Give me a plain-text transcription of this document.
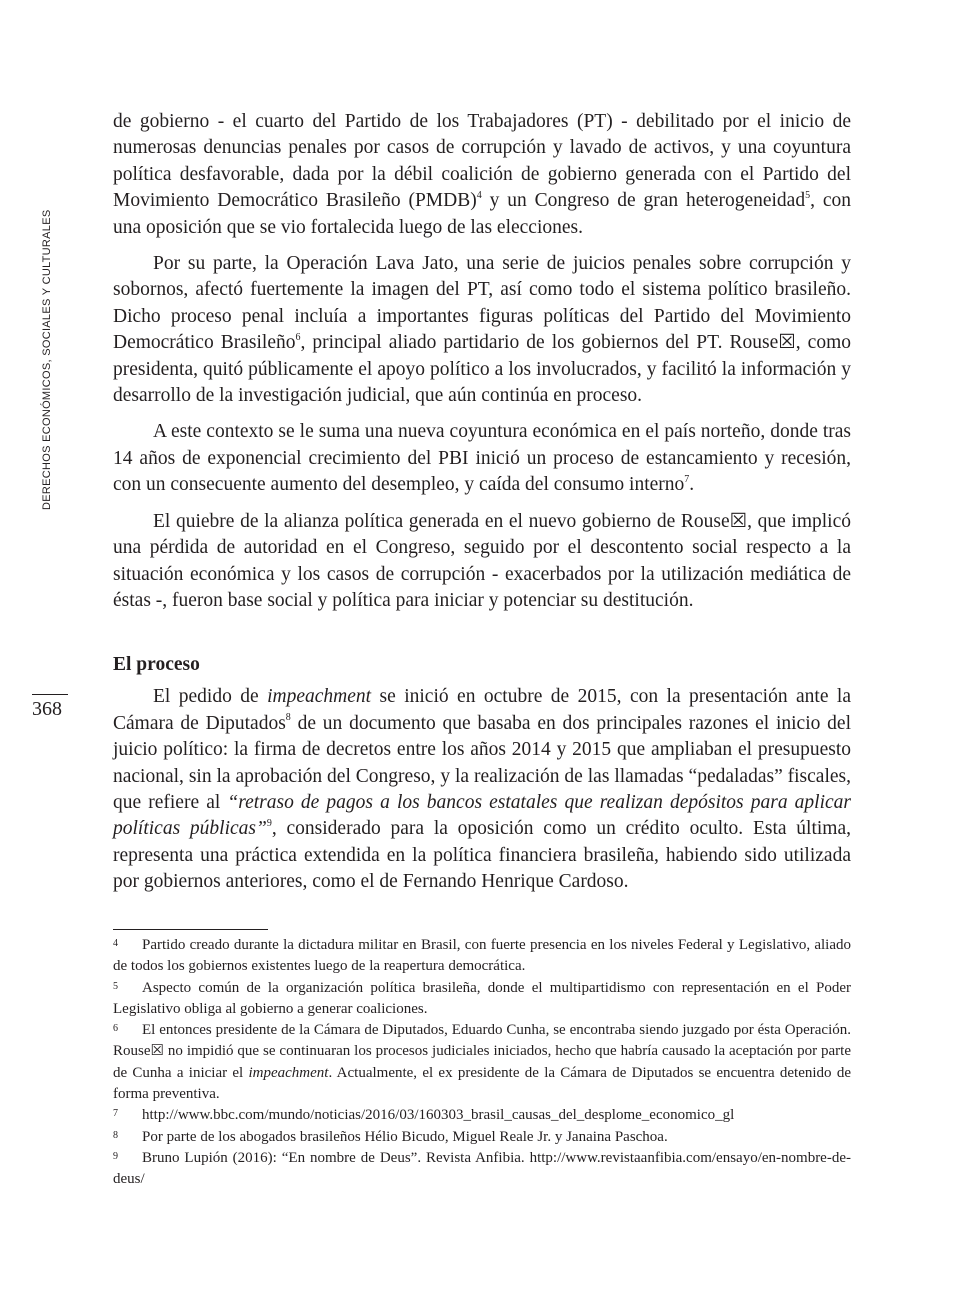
DERECHOS ECONÓMICOS, SOCIALES Y CULTURALES
368

de gobierno - el cuarto del Partido de los Trabajadores (PT) - debilitado por el inicio de numerosas denuncias penales por casos de corrupción y lavado de activos, y una coyuntura política desfavorable, dada por la débil coalición de gobierno generada con el Partido del Movimiento Democrático Brasileño (PMDB)$^4$ y un Congreso de gran heterogeneidad$^5$, con una oposición que se vio fortalecida luego de las elecciones.

Por su parte, la Operación Lava Jato, una serie de juicios penales sobre corrupción y sobornos, afectó fuertemente la imagen del PT, así como todo el sistema político brasileño. Dicho proceso penal incluía a importantes figuras políticas del Partido del Movimiento Democrático Brasileño$^6$, principal aliado partidario de los gobiernos del PT. Rouse☒, como presidenta, quitó públicamente el apoyo político a los involucrados, y facilitó la información y desarrollo de la investigación judicial, que aún continúa en proceso.

A este contexto se le suma una nueva coyuntura económica en el país norteño, donde tras 14 años de exponencial crecimiento del PBI inició un proceso de estancamiento y recesión, con un consecuente aumento del desempleo, y caída del consumo interno$^7$.

El quiebre de la alianza política generada en el nuevo gobierno de Rouse☒, que implicó una pérdida de autoridad en el Congreso, seguido por el descontento social respecto a la situación económica y los casos de corrupción - exacerbados por la utilización mediática de éstas -, fueron base social y política para iniciar y potenciar su destitución.

El proceso

El pedido de impeachment se inició en octubre de 2015, con la presentación ante la Cámara de Diputados$^8$ de un documento que basaba en dos principales razones el inicio del juicio político: la firma de decretos entre los años 2014 y 2015 que ampliaban el presupuesto nacional, sin la aprobación del Congreso, y la realización de las llamadas “pedaladas” fiscales, que refiere al “retraso de pagos a los bancos estatales que realizan depósitos para aplicar políticas públicas”$^9$, considerado para la oposición como un crédito oculto. Esta última, representa una práctica extendida en la política financiera brasileña, habiendo sido utilizada por gobiernos anteriores, como el de Fernando Henrique Cardoso.

4 Partido creado durante la dictadura militar en Brasil, con fuerte presencia en los niveles Federal y Legislativo, aliado de todos los gobiernos existentes luego de la reapertura democrática.

5 Aspecto común de la organización política brasileña, donde el multipartidismo con representación en el Poder Legislativo obliga al gobierno a generar coaliciones.

6 El entonces presidente de la Cámara de Diputados, Eduardo Cunha, se encontraba siendo juzgado por ésta Operación. Rouse☒ no impidió que se continuaran los procesos judiciales iniciados, hecho que habría causado la aceptación por parte de Cunha a iniciar el impeachment. Actualmente, el ex presidente de la Cámara de Diputados se encuentra detenido de forma preventiva.

7 http://www.bbc.com/mundo/noticias/2016/03/160303_brasil_causas_del_desplome_economico_gl

8 Por parte de los abogados brasileños Hélio Bicudo, Miguel Reale Jr. y Janaina Paschoa.

9 Bruno Lupión (2016): “En nombre de Deus”. Revista Anfibia. http://www.revistaanfibia.com/ensayo/en-nombre-de-deus/
